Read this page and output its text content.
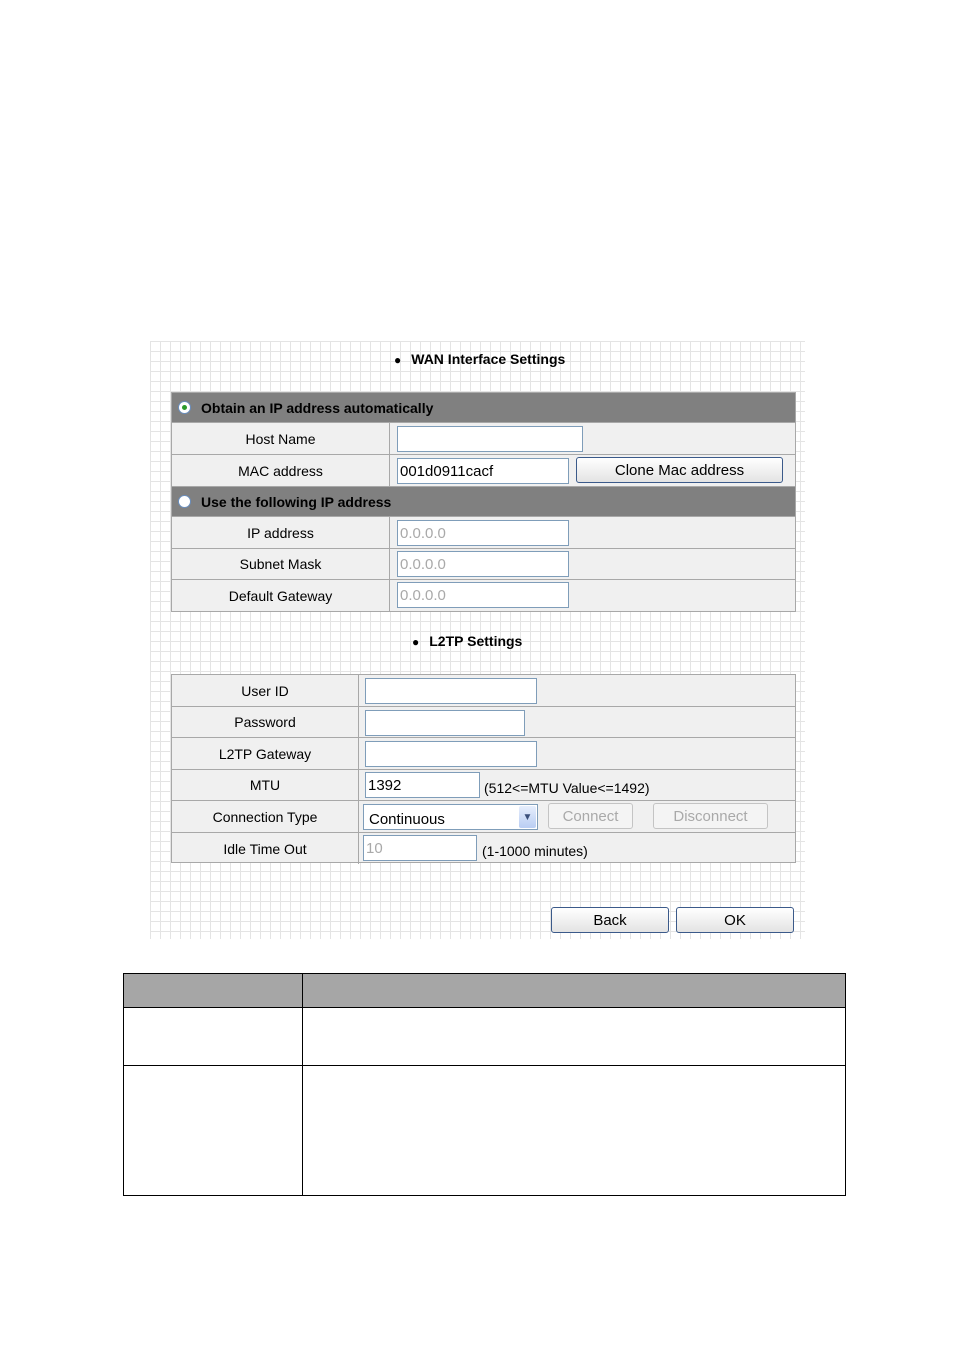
● WAN Interface Settings
Obtain an IP address automatically
Host Name
MAC address	001d0911cacf	Clone Mac address
Use the following IP address
IP address	0.0.0.0
Subnet Mask	0.0.0.0
Default Gateway	0.0.0.0
● L2TP Settings
User ID
Password
L2TP Gateway
MTU	1392	(512<=MTU Value<=1492)
Connection Type	Continuous	▼	Connect	Disconnect
Idle Time Out	10	(1-1000 minutes)
Back	OK
